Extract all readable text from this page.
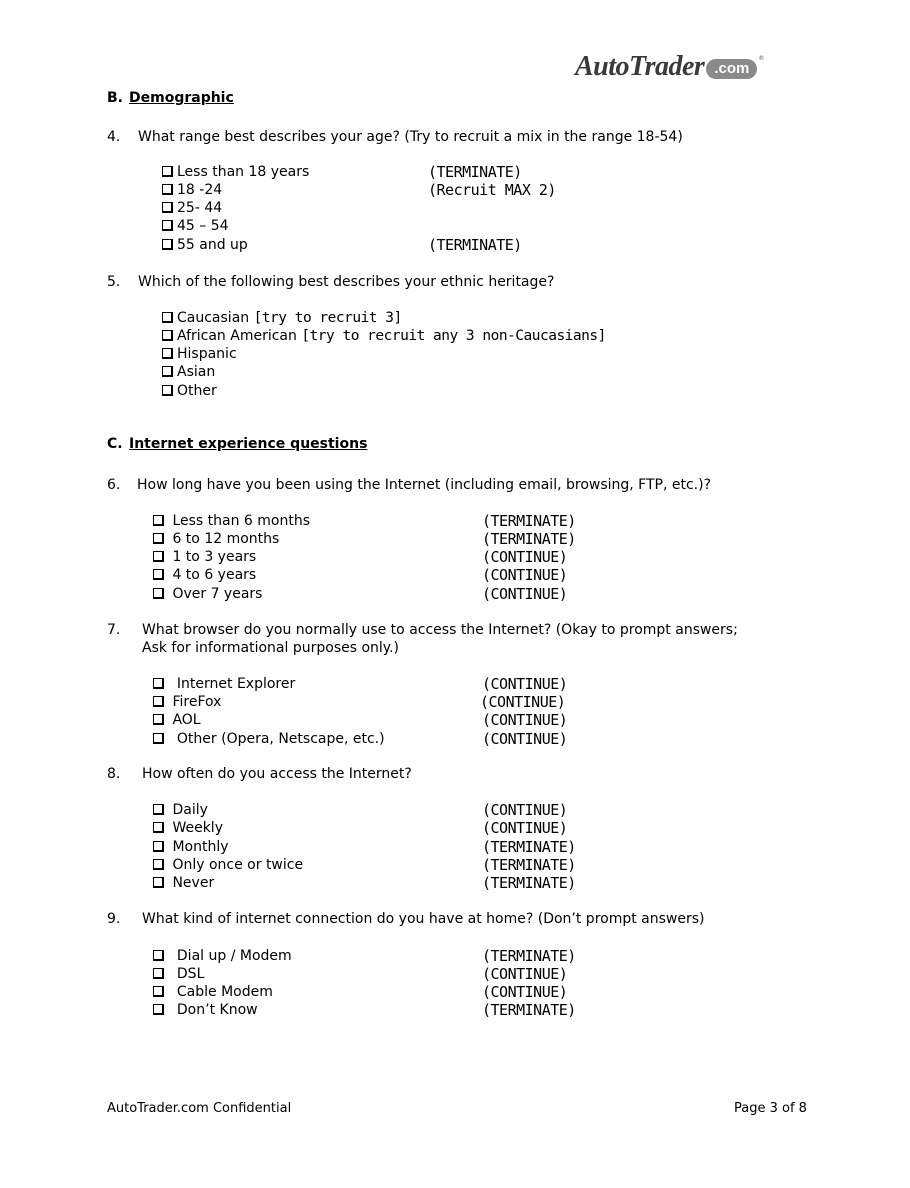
AutoTrader .com
®
B. Demographic
4. What range best describes your age? (Try to recruit a mix in the range 18-54)
Less than 18 years	(TERMINATE)
18 -24	(Recruit MAX 2)
25- 44
45 – 54
55 and up	(TERMINATE)
5. Which of the following best describes your ethnic heritage?
Caucasian [try to recruit 3]
African American [try to recruit any 3 non-Caucasians]
Hispanic
Asian
Other
C. Internet experience questions
6. How long have you been using the Internet (including email, browsing, FTP, etc.)?
Less than 6 months	(TERMINATE)
6 to 12 months	(TERMINATE)
1 to 3 years	(CONTINUE)
4 to 6 years	(CONTINUE)
Over 7 years	(CONTINUE)
7. What browser do you normally use to access the Internet? (Okay to prompt answers; Ask for informational purposes only.)
Internet Explorer	(CONTINUE)
FireFox	(CONTINUE)
AOL	(CONTINUE)
Other (Opera, Netscape, etc.)	(CONTINUE)
8. How often do you access the Internet?
Daily	(CONTINUE)
Weekly	(CONTINUE)
Monthly	(TERMINATE)
Only once or twice	(TERMINATE)
Never	(TERMINATE)
9. What kind of internet connection do you have at home? (Don’t prompt answers)
Dial up / Modem	(TERMINATE)
DSL	(CONTINUE)
Cable Modem	(CONTINUE)
Don’t Know	(TERMINATE)
AutoTrader.com Confidential	Page 3 of 8
